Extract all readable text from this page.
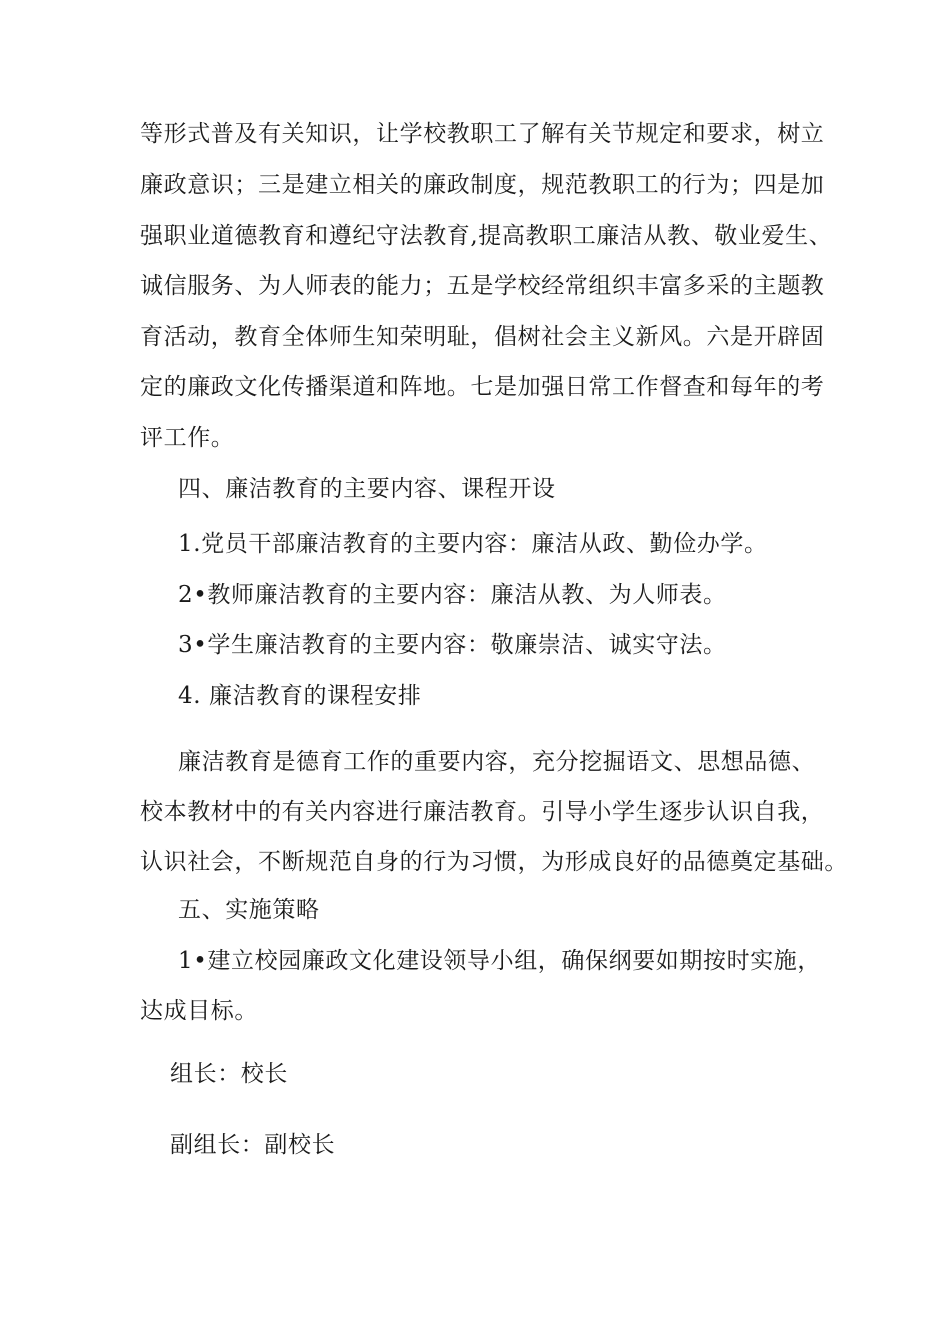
等形式普及有关知识，让学校教职工了解有关节规定和要求，树立
廉政意识；三是建立相关的廉政制度，规范教职工的行为；四是加
强职业道德教育和遵纪守法教育,提高教职工廉洁从教、敬业爱生、
诚信服务、为人师表的能力；五是学校经常组织丰富多采的主题教
育活动，教育全体师生知荣明耻，倡树社会主义新风。六是开辟固
定的廉政文化传播渠道和阵地。七是加强日常工作督查和每年的考
评工作。
四、廉洁教育的主要内容、课程开设
1.党员干部廉洁教育的主要内容：廉洁从政、勤俭办学。
2•教师廉洁教育的主要内容：廉洁从教、为人师表。
3•学生廉洁教育的主要内容：敬廉崇洁、诚实守法。
4. 廉洁教育的课程安排
廉洁教育是德育工作的重要内容，充分挖掘语文、思想品德、
校本教材中的有关内容进行廉洁教育。引导小学生逐步认识自我，
认识社会，不断规范自身的行为习惯，为形成良好的品德奠定基础。
五、实施策略
1•建立校园廉政文化建设领导小组，确保纲要如期按时实施，
达成目标。
组长：校长
副组长：副校长
